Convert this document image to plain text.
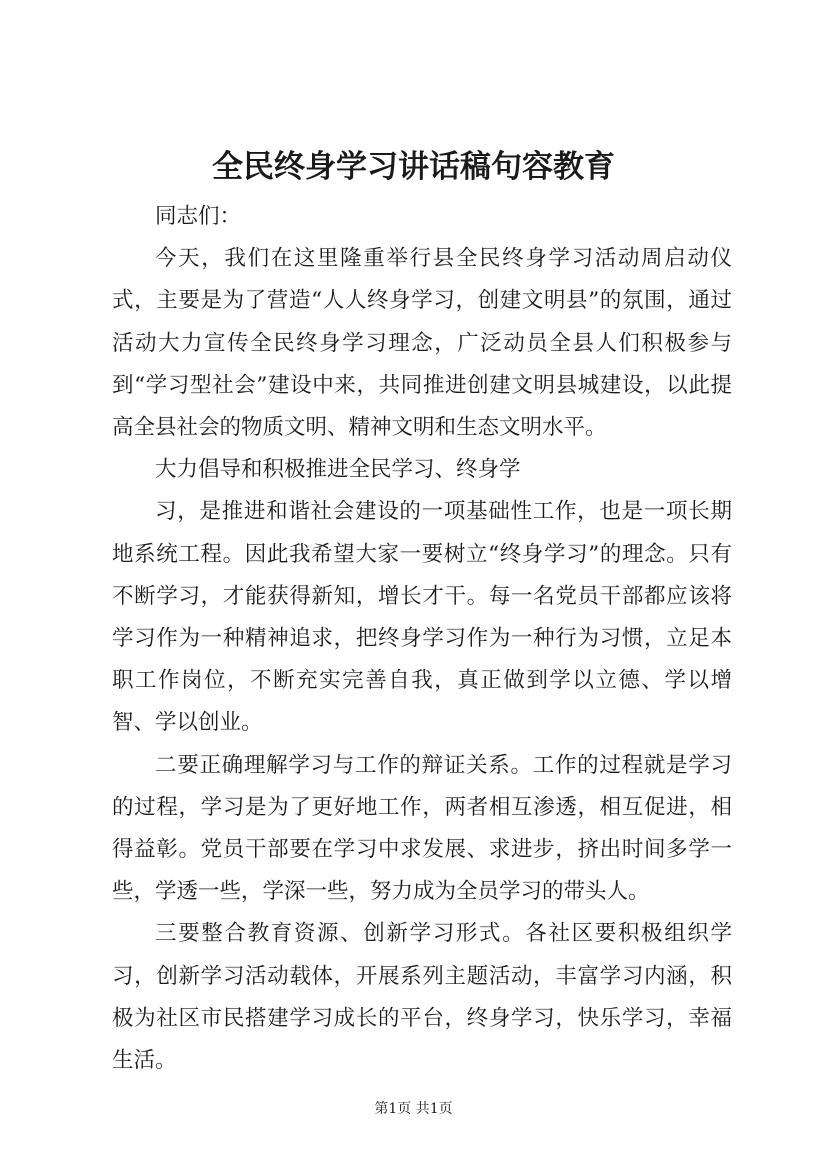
全民终身学习讲话稿句容教育

同志们：

今天，我们在这里隆重举行县全民终身学习活动周启动仪式，主要是为了营造“人人终身学习，创建文明县”的氛围，通过活动大力宣传全民终身学习理念，广泛动员全县人们积极参与到“学习型社会”建设中来，共同推进创建文明县城建设，以此提高全县社会的物质文明、精神文明和生态文明水平。

大力倡导和积极推进全民学习、终身学

习，是推进和谐社会建设的一项基础性工作，也是一项长期地系统工程。因此我希望大家一要树立“终身学习”的理念。只有不断学习，才能获得新知，增长才干。每一名党员干部都应该将学习作为一种精神追求，把终身学习作为一种行为习惯，立足本职工作岗位，不断充实完善自我，真正做到学以立德、学以增智、学以创业。

二要正确理解学习与工作的辩证关系。工作的过程就是学习的过程，学习是为了更好地工作，两者相互渗透，相互促进，相得益彰。党员干部要在学习中求发展、求进步，挤出时间多学一些，学透一些，学深一些，努力成为全员学习的带头人。

三要整合教育资源、创新学习形式。各社区要积极组织学习，创新学习活动载体，开展系列主题活动，丰富学习内涵，积极为社区市民搭建学习成长的平台，终身学习，快乐学习，幸福生活。

第1页 共1页
